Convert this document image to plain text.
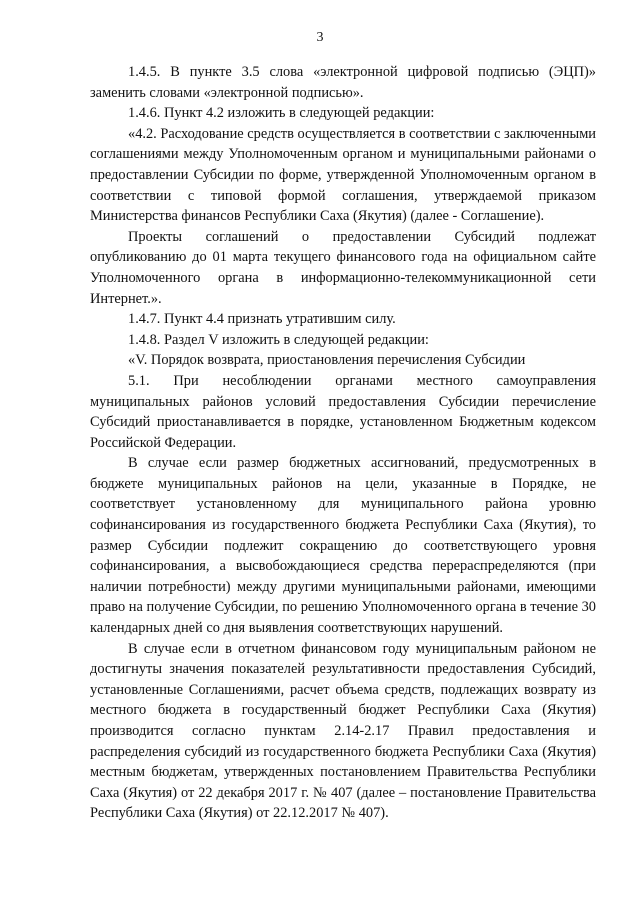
3

1.4.5. В пункте 3.5 слова «электронной цифровой подписью (ЭЦП)» заменить словами «электронной подписью».

1.4.6. Пункт 4.2 изложить в следующей редакции:

«4.2. Расходование средств осуществляется в соответствии с заключенными соглашениями между Уполномоченным органом и муниципальными районами о предоставлении Субсидии по форме, утвержденной Уполномоченным органом в соответствии с типовой формой соглашения, утверждаемой приказом Министерства финансов Республики Саха (Якутия) (далее - Соглашение).

Проекты соглашений о предоставлении Субсидий подлежат опубликованию до 01 марта текущего финансового года на официальном сайте Уполномоченного органа в информационно-телекоммуникационной сети Интернет.».

1.4.7. Пункт 4.4 признать утратившим силу.

1.4.8. Раздел V изложить в следующей редакции:

«V. Порядок возврата, приостановления перечисления Субсидии

5.1. При несоблюдении органами местного самоуправления муниципальных районов условий предоставления Субсидии перечисление Субсидий приостанавливается в порядке, установленном Бюджетным кодексом Российской Федерации.

В случае если размер бюджетных ассигнований, предусмотренных в бюджете муниципальных районов на цели, указанные в Порядке, не соответствует установленному для муниципального района уровню софинансирования из государственного бюджета Республики Саха (Якутия), то размер Субсидии подлежит сокращению до соответствующего уровня софинансирования, а высвобождающиеся средства перераспределяются (при наличии потребности) между другими муниципальными районами, имеющими право на получение Субсидии, по решению Уполномоченного органа в течение 30 календарных дней со дня выявления соответствующих нарушений.

В случае если в отчетном финансовом году муниципальным районом не достигнуты значения показателей результативности предоставления Субсидий, установленные Соглашениями, расчет объема средств, подлежащих возврату из местного бюджета в государственный бюджет Республики Саха (Якутия) производится согласно пунктам 2.14-2.17 Правил предоставления и распределения субсидий из государственного бюджета Республики Саха (Якутия) местным бюджетам, утвержденных постановлением Правительства Республики Саха (Якутия) от 22 декабря 2017 г. № 407 (далее – постановление Правительства Республики Саха (Якутия) от 22.12.2017 № 407).
